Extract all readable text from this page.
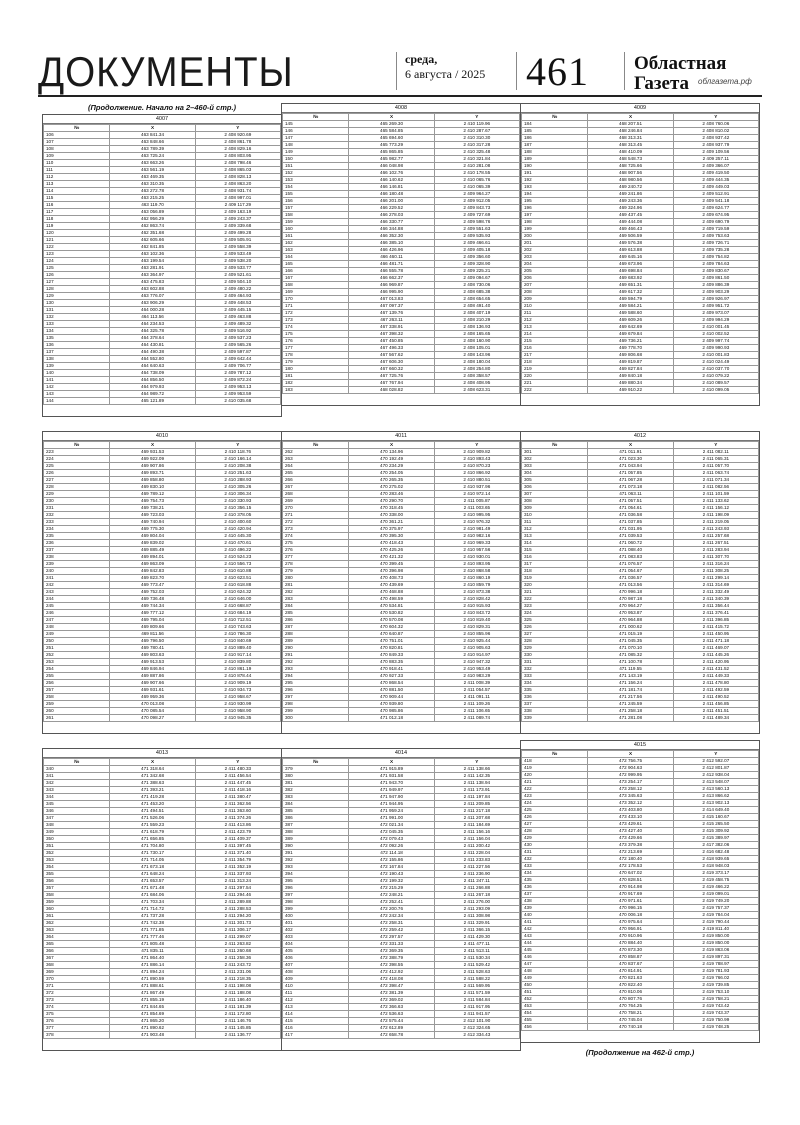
ДОКУМЕНТЫ	среда,
6 августа / 2025 461 Областная
Газета	облгазета.рф
(Продолжение. Начало на 2–460-й стр.)
(Продолжение на 462-й стр.)
4007
№	X	Y
106	463 841.34	2 408 920.69
107	463 848.66	2 408 861.78
108	463 789.39	2 408 829.16
109	463 725.24	2 408 803.95
110	463 663.26	2 408 798.46
111	463 561.19	2 408 865.03
112	463 469.35	2 408 828.13
113	463 310.35	2 408 863.20
114	463 272.78	2 408 931.74
115	463 215.25	2 408 997.01
116	463 119.70	2 409 117.29
117	463 056.89	2 409 163.19
118	462 956.29	2 409 243.37
119	462 863.74	2 409 339.68
120	462 351.68	2 409 499.28
121	462 605.66	2 409 505.91
122	462 841.85	2 409 558.39
123	463 102.36	2 409 533.49
124	463 199.54	2 409 538.20
125	463 281.91	2 409 533.77
126	463 364.97	2 409 521.61
127	463 475.83	2 409 504.10
128	463 602.88	2 409 480.22
129	463 776.07	2 409 464.93
130	463 906.29	2 409 448.53
131	464 000.28	2 409 445.15
132	464 113.56	2 409 463.88
133	464 234.53	2 409 489.32
134	464 325.78	2 409 516.92
135	464 378.64	2 409 537.23
136	464 430.81	2 409 565.26
137	464 490.38	2 409 597.87
138	464 552.80	2 409 642.44
139	464 640.63	2 409 706.77
140	464 738.09	2 409 787.12
141	464 856.50	2 409 872.24
142	464 979.93	2 409 953.13
143	464 989.72	2 409 953.59
144	465 121.89	2 410 035.68
4008
№	X	Y
145	465 269.30	2 410 119.96
146	465 584.85	2 410 287.67
147	465 694.60	2 410 310.30
148	465 773.29	2 410 317.28
149	465 865.85	2 410 325.48
150	465 982.77	2 410 321.84
151	466 048.98	2 410 281.08
152	466 102.76	2 410 178.55
153	466 140.62	2 410 065.76
154	466 146.81	2 410 065.39
155	466 180.48	2 409 964.27
156	466 201.00	2 409 912.05
157	466 229.52	2 409 843.73
158	466 278.03	2 409 727.69
159	466 330.77	2 409 598.76
160	466 344.88	2 409 551.63
161	466 352.30	2 409 535.93
162	466 385.10	2 409 466.61
163	466 426.96	2 409 405.18
164	466 460.11	2 409 356.60
165	466 481.71	2 409 328.90
166	466 555.78	2 409 225.21
167	466 662.37	2 409 094.67
168	466 969.87	2 408 730.06
169	466 995.90	2 408 685.38
170	467 013.83	2 408 654.65
171	467 097.37	2 408 491.40
172	467 139.76	2 408 407.19
173	467 263.11	2 408 210.29
174	467 338.91	2 408 136.93
175	467 398.32	2 408 165.65
176	467 450.85	2 408 160.90
177	467 496.33	2 408 105.01
178	467 567.62	2 408 143.96
179	467 606.30	2 408 180.04
180	467 660.32	2 408 254.80
181	467 725.76	2 408 358.57
182	467 767.94	2 408 408.95
183	468 028.82	2 408 623.31
4009
№	X	Y
184	468 207.51	2 408 760.06
185	468 246.84	2 408 810.02
186	468 313.31	2 408 937.42
187	468 313.45	2 408 937.79
188	468 410.09	2 409 109.56
189	468 548.73	2 409 257.11
190	468 725.66	2 409 366.07
191	468 907.56	2 409 419.50
192	468 980.56	2 409 444.35
193	469 240.72	2 409 449.03
194	469 241.86	2 409 512.91
195	469 243.36	2 409 541.18
196	469 324.96	2 409 624.77
197	469 437.45	2 409 674.95
198	469 444.08	2 409 690.79
199	469 466.43	2 409 719.59
200	469 506.59	2 409 753.63
201	469 576.38	2 409 726.71
202	469 613.88	2 409 735.28
203	469 645.16	2 409 754.82
204	469 673.96	2 409 784.63
205	469 698.84	2 409 830.67
206	469 683.92	2 409 861.50
207	469 651.31	2 409 886.39
208	469 617.32	2 409 903.29
209	469 594.79	2 409 926.97
210	469 584.21	2 409 951.72
211	469 588.60	2 409 973.07
212	469 609.26	2 409 994.29
213	469 642.69	2 410 001.45
214	469 679.84	2 410 002.52
215	469 736.21	2 409 997.74
216	469 778.70	2 409 990.93
217	469 806.68	2 410 001.83
218	469 819.87	2 410 024.49
219	469 827.84	2 410 037.70
220	469 840.18	2 410 079.22
221	469 880.34	2 410 089.57
222	469 910.22	2 410 099.05
4010
№	X	Y
223	469 931.53	2 410 118.76
224	469 922.09	2 410 166.14
225	469 907.86	2 410 208.38
226	469 893.71	2 410 251.63
227	469 858.80	2 410 288.93
228	469 830.10	2 410 305.26
229	469 789.12	2 410 306.34
230	469 754.73	2 410 330.93
231	469 738.21	2 410 356.15
232	469 723.03	2 410 378.05
233	469 740.94	2 410 400.60
234	469 775.30	2 410 420.94
235	469 804.04	2 410 445.30
236	469 839.02	2 410 470.61
237	469 885.49	2 410 496.22
238	469 894.01	2 410 524.23
239	469 863.09	2 410 556.73
240	469 842.83	2 410 610.88
241	469 823.70	2 410 623.51
242	469 773.47	2 410 618.88
243	469 752.03	2 410 624.32
244	469 736.48	2 410 646.00
245	469 744.34	2 410 668.87
246	469 777.12	2 410 684.19
247	469 795.04	2 410 712.51
248	469 809.66	2 410 743.63
249	469 811.56	2 410 786.30
250	469 796.50	2 410 840.69
251	469 780.41	2 410 889.40
252	469 803.63	2 410 917.14
253	469 913.53	2 410 839.80
254	469 846.94	2 410 861.19
255	469 887.86	2 410 878.44
256	469 907.66	2 410 909.19
257	469 931.61	2 410 934.73
258	469 959.36	2 410 958.67
259	470 013.08	2 410 930.99
260	470 085.54	2 410 958.90
261	470 098.27	2 410 945.35
4011
№	X	Y
262	470 134.96	2 410 909.82
263	470 192.49	2 410 893.43
264	470 234.29	2 410 870.23
265	470 254.05	2 410 866.92
266	470 265.35	2 410 880.51
267	470 275.02	2 410 937.96
268	470 283.46	2 410 972.14
269	470 290.70	2 411 005.87
270	470 318.45	2 411 003.65
271	470 338.00	2 410 995.95
272	470 361.21	2 410 976.32
273	470 375.97	2 410 981.49
274	470 395.30	2 410 982.16
275	470 418.43	2 410 969.33
276	470 425.26	2 410 957.56
277	470 421.32	2 410 930.01
278	470 399.45	2 410 893.95
279	470 396.98	2 410 868.58
280	470 408.73	2 410 860.19
281	470 439.69	2 410 859.79
282	470 468.88	2 410 873.38
283	470 498.59	2 410 828.42
284	470 534.81	2 410 915.93
285	470 530.82	2 410 843.72
286	470 570.08	2 410 819.40
287	470 604.32	2 410 829.31
288	470 640.87	2 410 855.96
289	470 751.01	2 410 925.44
290	470 820.81	2 410 905.63
291	470 849.33	2 410 914.97
292	470 883.35	2 410 947.32
293	470 918.41	2 410 953.49
294	470 927.33	2 410 983.29
295	470 868.54	2 411 008.39
296	470 881.50	2 411 054.57
297	470 909.44	2 411 091.11
298	470 939.80	2 411 109.26
299	470 985.86	2 411 106.65
300	471 012.18	2 411 089.74
4012
№	X	Y
301	471 011.91	2 411 082.11
302	471 023.30	2 411 065.31
303	471 043.94	2 411 057.70
304	471 057.85	2 411 063.74
305	471 067.28	2 411 071.34
306	471 073.18	2 411 082.56
307	471 063.11	2 411 101.59
308	471 057.51	2 411 133.62
309	471 054.61	2 411 156.12
310	471 036.58	2 411 198.09
311	471 037.85	2 411 219.05
312	471 031.95	2 411 243.93
313	471 039.53	2 411 257.68
314	471 060.72	2 411 267.51
315	471 088.40	2 411 283.94
316	471 083.83	2 411 307.70
317	471 076.57	2 411 316.24
318	471 054.67	2 411 308.25
319	471 036.57	2 411 299.14
320	471 013.56	2 411 314.69
321	470 996.18	2 411 332.49
322	470 987.18	2 411 340.39
323	470 964.27	2 411 356.44
324	470 953.87	2 411 376.41
325	470 964.88	2 411 396.85
326	471 000.62	2 411 415.72
327	471 015.19	2 411 450.95
328	471 045.35	2 411 471.18
329	471 070.10	2 411 469.07
330	471 085.32	2 411 445.26
331	471 100.78	2 411 420.95
332	471 119.55	2 411 431.52
333	471 143.19	2 411 449.33
334	471 156.24	2 411 478.80
335	471 181.74	2 411 492.59
336	471 217.56	2 411 490.52
337	471 245.59	2 411 456.85
338	471 258.18	2 411 451.51
339	471 281.08	2 411 489.34
4013
№	X	Y
340	471 318.64	2 411 480.33
341	471 342.68	2 411 456.54
342	471 388.63	2 411 447.45
343	471 393.21	2 411 418.16
344	471 419.28	2 411 380.47
345	471 453.20	2 411 362.56
346	471 494.51	2 411 363.60
347	471 526.06	2 411 374.26
348	471 559.23	2 411 413.86
349	471 618.79	2 411 423.79
350	471 656.85	2 411 409.37
351	471 704.80	2 411 397.45
352	471 730.17	2 411 371.40
353	471 714.05	2 411 354.79
354	471 673.18	2 411 352.19
355	471 648.24	2 411 337.93
356	471 653.57	2 411 313.24
357	471 671.48	2 411 297.54
358	471 684.06	2 411 294.46
359	471 703.34	2 411 289.88
360	471 714.72	2 411 288.53
361	471 737.28	2 411 294.20
362	471 742.38	2 411 301.73
363	471 771.85	2 411 306.17
364	471 777.46	2 411 299.07
365	471 805.48	2 411 263.82
366	471 835.11	2 411 260.68
367	471 864.40	2 411 258.36
368	471 886.14	2 411 243.72
369	471 894.24	2 411 231.06
370	471 890.59	2 411 218.35
371	471 888.61	2 411 198.08
372	471 867.49	2 411 188.08
373	471 855.19	2 411 186.40
374	471 844.65	2 411 181.39
375	471 854.69	2 411 172.80
376	471 865.20	2 411 146.76
377	471 890.62	2 411 145.85
378	471 903.48	2 411 136.77
4014
№	X	Y
379	471 915.89	2 411 138.66
380	471 931.58	2 411 142.35
381	471 943.70	2 411 138.94
382	471 949.97	2 411 173.91
383	471 947.90	2 411 197.84
384	471 944.95	2 411 209.85
385	471 959.24	2 411 217.18
386	471 991.00	2 411 207.68
387	472 021.34	2 411 184.69
388	472 045.35	2 411 156.16
389	472 079.43	2 411 156.04
390	472 092.26	2 411 200.42
391	472 114.18	2 411 228.04
392	472 155.86	2 411 233.83
393	472 167.84	2 411 227.56
394	472 190.43	2 411 236.90
395	472 199.32	2 411 247.11
396	472 215.29	2 411 266.88
397	472 248.21	2 411 267.18
398	472 252.41	2 411 276.00
399	472 200.76	2 411 293.09
400	472 242.34	2 411 308.98
401	472 258.31	2 411 329.91
402	472 259.42	2 411 366.15
403	472 297.57	2 411 429.30
404	472 331.33	2 411 477.11
405	472 369.35	2 411 513.11
406	472 388.79	2 411 530.34
407	472 398.55	2 411 529.42
408	472 412.92	2 411 528.63
409	472 418.08	2 411 588.22
410	472 398.47	2 411 569.95
411	472 381.39	2 411 571.59
412	472 369.02	2 411 584.84
413	472 366.63	2 411 917.95
414	472 536.63	2 411 941.57
415	472 575.44	2 412 101.90
416	472 612.89	2 412 324.65
417	472 658.78	2 412 334.43
4015
№	X	Y
418	472 756.75	2 412 592.07
419	472 904.63	2 412 801.87
420	472 999.95	2 412 938.04
421	473 254.17	2 413 548.07
422	473 258.12	2 413 560.13
423	473 345.63	2 413 866.62
424	473 352.12	2 413 902.13
425	473 403.80	2 414 649.40
426	473 433.10	2 415 160.67
427	473 429.61	2 415 265.50
428	473 427.40	2 415 309.92
429	473 429.66	2 415 389.97
430	473 379.38	2 417 382.06
431	472 213.69	2 416 682.48
432	472 180.40	2 418 939.65
433	472 178.53	2 418 948.03
434	470 647.02	2 419 373.17
435	470 828.51	2 419 458.75
436	470 914.98	2 419 466.22
437	470 917.69	2 419 099.01
438	470 971.61	2 419 749.20
439	470 996.15	2 419 757.37
440	470 006.18	2 419 784.04
441	470 975.64	2 419 790.44
442	470 956.91	2 419 811.40
443	470 910.96	2 419 850.00
444	470 884.40	2 419 850.00
445	470 873.30	2 419 863.06
446	470 858.87	2 419 897.31
447	470 837.67	2 419 788.97
448	470 814.91	2 419 781.93
449	470 821.63	2 419 766.02
450	470 822.40	2 419 739.85
451	470 810.06	2 419 753.10
452	470 807.76	2 419 758.21
453	470 764.25	2 419 743.42
454	470 758.21	2 419 743.37
455	470 745.04	2 419 750.99
456	470 740.18	2 419 748.25
